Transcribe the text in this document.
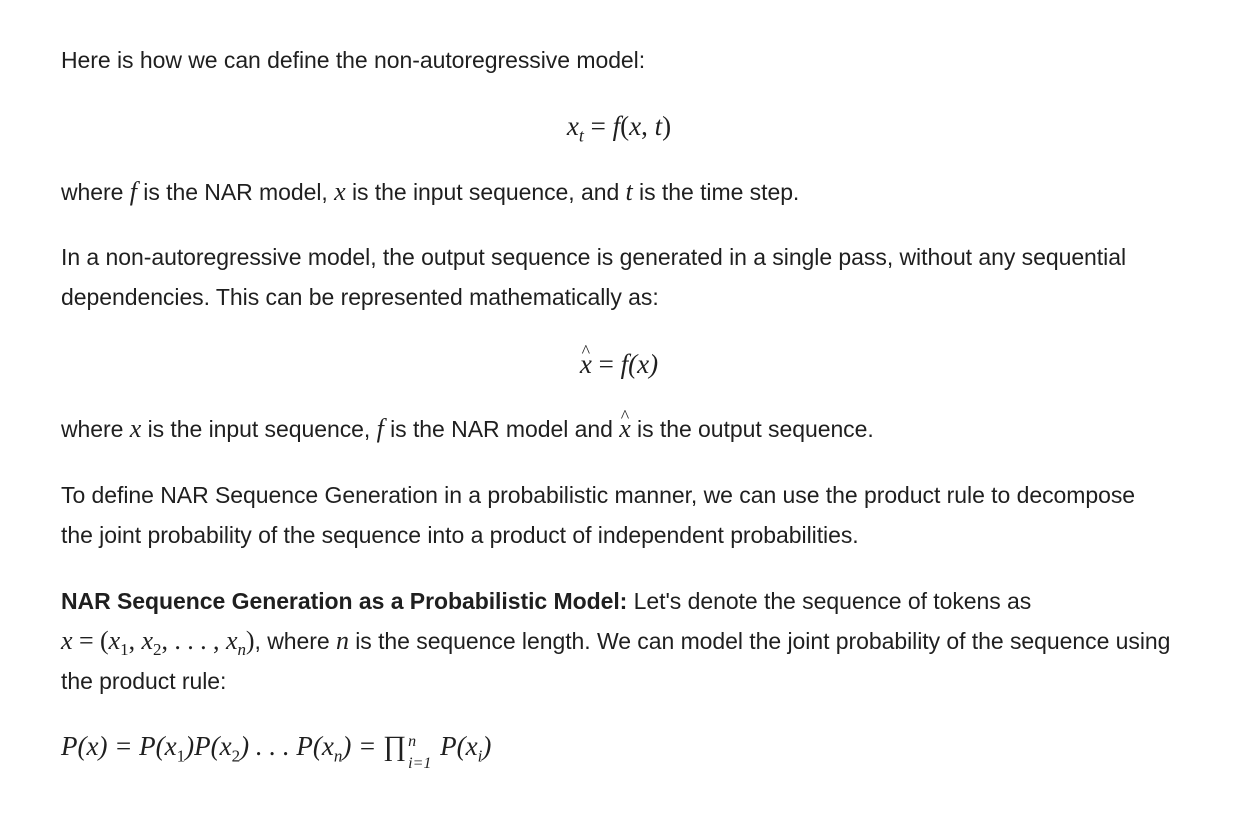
Here is how we can define the non-autoregressive model:

$x_t = f(x$, t)

where f is the NAR model, x is the input sequence, and t is the time step.

In a non-autoregressive model, the output sequence is generated in a single pass, without any sequential dependencies. This can be represented mathematically as:

^ x = f(x)

where x is the input sequence, f is the NAR model and ^ x is the output sequence.

To define NAR Sequence Generation in a probabilistic manner, we can use the product rule to decompose the joint probability of the sequence into a product of independent probabilities.

NAR Sequence Generation as a Probabilistic Model: Let's denote the sequence of tokens as
$x = (x_1$, $x_2$, . . . , $x_n$), where n is the sequence length. We can model the joint probability of the sequence using the product rule:

$P(x) = P(x_1)P(x_2)$ . . . $P(x_n)$ = ∏ n
i=1
$P(x_i)$
